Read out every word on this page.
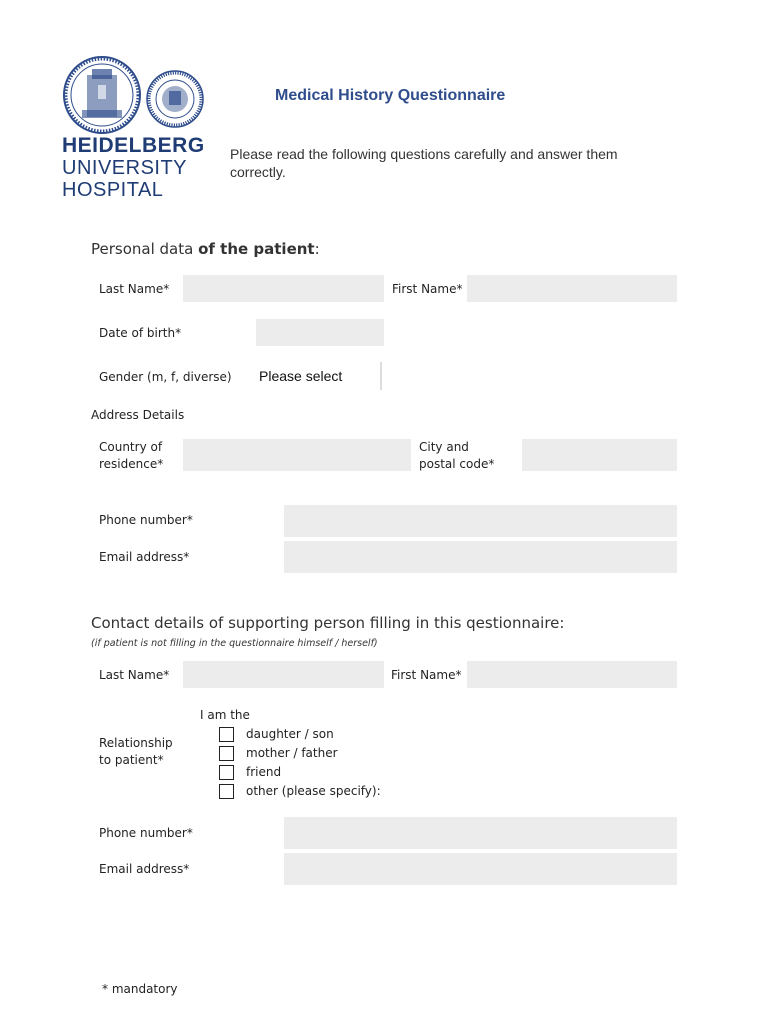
HEIDELBERG
UNIVERSITY
HOSPITAL
Medical History Questionnaire
Please read the following questions carefully and answer them correctly.
Personal data of the patient:
Last Name*	First Name*
Date of birth*
Gender (m, f, diverse) Please select
Address Details
Country of
residence*
City and
postal code*
Phone number*
Email address*
Contact details of supporting person filling in this qestionnaire:
(if patient is not filling in the questionnaire himself / herself)
Last Name*	First Name*
I am the
Relationship
to patient*
daughter / son
mother / father
friend
other (please specify):
Phone number*
Email address*
* mandatory
